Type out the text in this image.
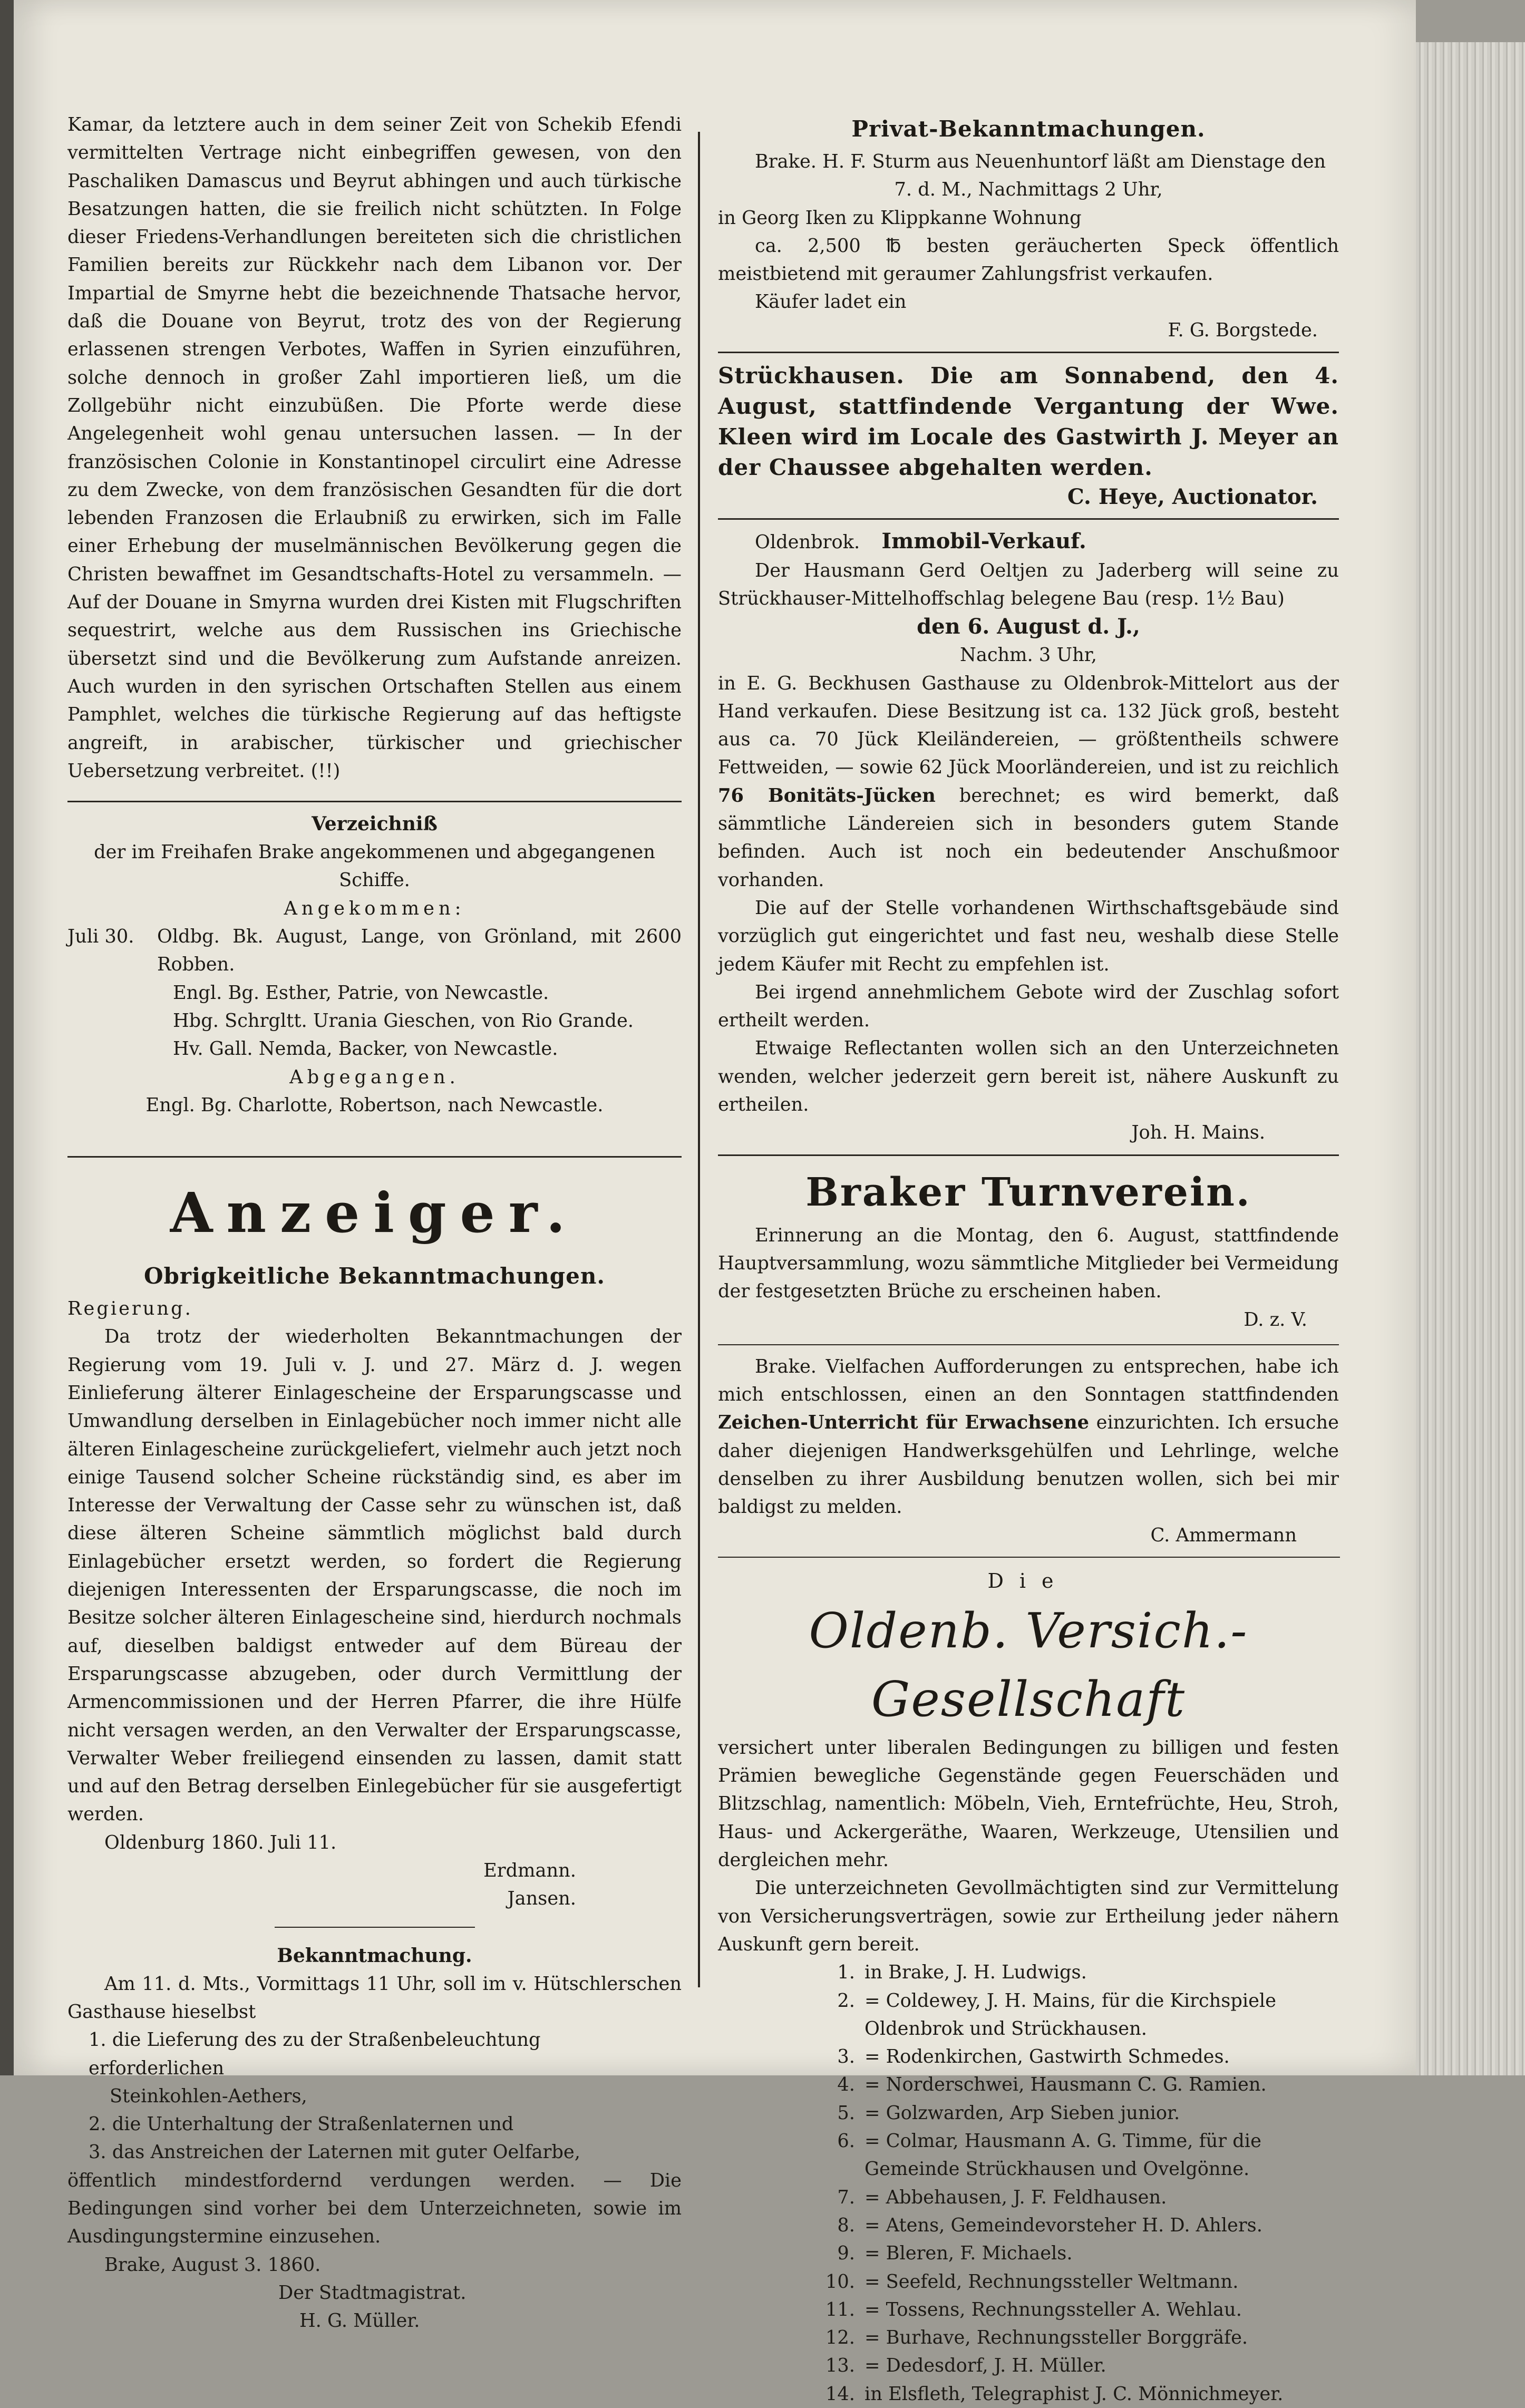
Kamar, da letztere auch in dem seiner Zeit von Schekib Efendi vermittelten Vertrage nicht einbegriffen gewesen, von den Paschaliken Damascus und Beyrut abhingen und auch türkische Besatzungen hatten, die sie freilich nicht schützten. In Folge dieser Friedens-Verhandlungen bereiteten sich die christlichen Familien bereits zur Rückkehr nach dem Libanon vor. Der Impartial de Smyrne hebt die bezeichnende Thatsache hervor, daß die Douane von Beyrut, trotz des von der Regierung erlassenen strengen Verbotes, Waffen in Syrien einzuführen, solche dennoch in großer Zahl importieren ließ, um die Zollgebühr nicht einzubüßen. Die Pforte werde diese Angelegenheit wohl genau untersuchen lassen. — In der französischen Colonie in Konstantinopel circulirt eine Adresse zu dem Zwecke, von dem französischen Gesandten für die dort lebenden Franzosen die Erlaubniß zu erwirken, sich im Falle einer Erhebung der muselmännischen Bevölkerung gegen die Christen bewaffnet im Gesandtschafts-Hotel zu versammeln. — Auf der Douane in Smyrna wurden drei Kisten mit Flugschriften sequestrirt, welche aus dem Russischen ins Griechische übersetzt sind und die Bevölkerung zum Aufstande anreizen. Auch wurden in den syrischen Ortschaften Stellen aus einem Pamphlet, welches die türkische Regierung auf das heftigste angreift, in arabischer, türkischer und griechischer Uebersetzung verbreitet. (!!)

Verzeichniß

der im Freihafen Brake angekommenen und abgegangenen Schiffe.

Angekommen:

Juli 30.	Oldbg. Bk. August, Lange, von Grönland, mit 2600 Robben.

Engl. Bg. Esther, Patrie, von Newcastle.

Hbg. Schrgltt. Urania Gieschen, von Rio Grande.

Hv. Gall. Nemda, Backer, von Newcastle.

Abgegangen.

Engl. Bg. Charlotte, Robertson, nach Newcastle.

Anzeiger.

Obrigkeitliche Bekanntmachungen.

Regierung.

Da trotz der wiederholten Bekanntmachungen der Regierung vom 19. Juli v. J. und 27. März d. J. wegen Einlieferung älterer Einlagescheine der Ersparungscasse und Umwandlung derselben in Einlagebücher noch immer nicht alle älteren Einlagescheine zurückgeliefert, vielmehr auch jetzt noch einige Tausend solcher Scheine rückständig sind, es aber im Interesse der Verwaltung der Casse sehr zu wünschen ist, daß diese älteren Scheine sämmtlich möglichst bald durch Einlagebücher ersetzt werden, so fordert die Regierung diejenigen Interessenten der Ersparungscasse, die noch im Besitze solcher älteren Einlagescheine sind, hierdurch nochmals auf, dieselben baldigst entweder auf dem Büreau der Ersparungscasse abzugeben, oder durch Vermittlung der Armencommissionen und der Herren Pfarrer, die ihre Hülfe nicht versagen werden, an den Verwalter der Ersparungscasse, Verwalter Weber freiliegend einsenden zu lassen, damit statt und auf den Betrag derselben Einlegebücher für sie ausgefertigt werden.

Oldenburg 1860. Juli 11.

Erdmann.

Jansen.

Bekanntmachung.

Am 11. d. Mts., Vormittags 11 Uhr, soll im v. Hütschlerschen Gasthause hieselbst

1. die Lieferung des zu der Straßenbeleuchtung erforderlichen

Steinkohlen-Aethers,

2. die Unterhaltung der Straßenlaternen und

3. das Anstreichen der Laternen mit guter Oelfarbe,

öffentlich mindestfordernd verdungen werden. — Die Bedingungen sind vorher bei dem Unterzeichneten, sowie im Ausdingungstermine einzusehen.

Brake, August 3. 1860.

Der Stadtmagistrat.

H. G. Müller.

Privat-Bekanntmachungen.

Brake. H. F. Sturm aus Neuenhuntorf läßt am Dienstage den

7. d. M., Nachmittags 2 Uhr,

in Georg Iken zu Klippkanne Wohnung

ca. 2,500 ℔ besten geräucherten Speck öffentlich meistbietend mit geraumer Zahlungsfrist verkaufen.

Käufer ladet ein

F. G. Borgstede.

Strückhausen. Die am Sonnabend, den 4. August, stattfindende Vergantung der Wwe. Kleen wird im Locale des Gastwirth J. Meyer an der Chaussee abgehalten werden.

C. Heye, Auctionator.

Oldenbrok. Immobil-Verkauf.

Der Hausmann Gerd Oeltjen zu Jaderberg will seine zu Strückhauser-Mittelhoffschlag belegene Bau (resp. 1½ Bau)

den 6. August d. J.,

Nachm. 3 Uhr,

in E. G. Beckhusen Gasthause zu Oldenbrok-Mittelort aus der Hand verkaufen. Diese Besitzung ist ca. 132 Jück groß, besteht aus ca. 70 Jück Kleiländereien, — größtentheils schwere Fettweiden, — sowie 62 Jück Moorländereien, und ist zu reichlich 76 Bonitäts-Jücken berechnet; es wird bemerkt, daß sämmtliche Ländereien sich in besonders gutem Stande befinden. Auch ist noch ein bedeutender Anschußmoor vorhanden.

Die auf der Stelle vorhandenen Wirthschaftsgebäude sind vorzüglich gut eingerichtet und fast neu, weshalb diese Stelle jedem Käufer mit Recht zu empfehlen ist.

Bei irgend annehmlichem Gebote wird der Zuschlag sofort ertheilt werden.

Etwaige Reflectanten wollen sich an den Unterzeichneten wenden, welcher jederzeit gern bereit ist, nähere Auskunft zu ertheilen.

Joh. H. Mains.

Braker Turnverein.

Erinnerung an die Montag, den 6. August, stattfindende Hauptversammlung, wozu sämmtliche Mitglieder bei Vermeidung der festgesetzten Brüche zu erscheinen haben.

D. z. V.

Brake. Vielfachen Aufforderungen zu entsprechen, habe ich mich entschlossen, einen an den Sonntagen stattfindenden Zeichen-Unterricht für Erwachsene einzurichten. Ich ersuche daher diejenigen Handwerksgehülfen und Lehrlinge, welche denselben zu ihrer Ausbildung benutzen wollen, sich bei mir baldigst zu melden.

C. Ammermann

Die

Oldenb. Versich.-Gesellschaft

versichert unter liberalen Bedingungen zu billigen und festen Prämien bewegliche Gegenstände gegen Feuerschäden und Blitzschlag, namentlich: Möbeln, Vieh, Erntefrüchte, Heu, Stroh, Haus- und Ackergeräthe, Waaren, Werkzeuge, Utensilien und dergleichen mehr.

Die unterzeichneten Gevollmächtigten sind zur Vermittelung von Versicherungsverträgen, sowie zur Ertheilung jeder nähern Auskunft gern bereit.

1. in Brake, J. H. Ludwigs.
2. = Coldewey, J. H. Mains, für die Kirchspiele Oldenbrok und Strückhausen.
3. = Rodenkirchen, Gastwirth Schmedes.
4. = Norderschwei, Hausmann C. G. Ramien.
5. = Golzwarden, Arp Sieben junior.
6. = Colmar, Hausmann A. G. Timme, für die Gemeinde Strückhausen und Ovelgönne.
7. = Abbehausen, J. F. Feldhausen.
8. = Atens, Gemeindevorsteher H. D. Ahlers.
9. = Bleren, F. Michaels.
10. = Seefeld, Rechnungssteller Weltmann.
11. = Tossens, Rechnungssteller A. Wehlau.
12. = Burhave, Rechnungssteller Borggräfe.
13. = Dedesdorf, J. H. Müller.
14. in Elsfleth, Telegraphist J. C. Mönnichmeyer.
